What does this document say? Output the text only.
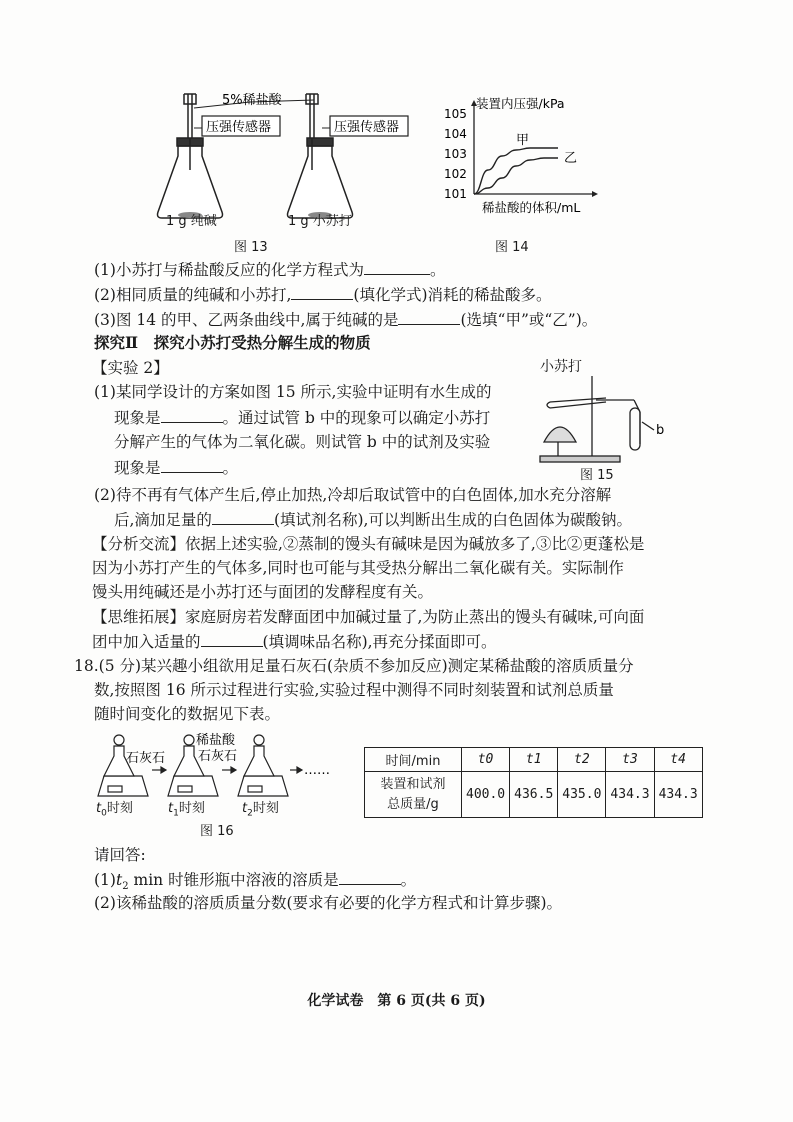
5%稀盐酸
压强传感器	压强传感器
1 g 纯碱	1 g 小苏打
图 13
装置内压强/kPa
稀盐酸的体积/mL
101
102
103
104
105
甲
乙
图 14
(1)小苏打与稀盐酸反应的化学方程式为	。
(2)相同质量的纯碱和小苏打,	(填化学式)消耗的稀盐酸多。
(3)图 14 的甲、乙两条曲线中,属于纯碱的是	(选填“甲”或“乙”)。
探究Ⅱ　探究小苏打受热分解生成的物质
【实验 2】
(1)某同学设计的方案如图 15 所示,实验中证明有水生成的
现象是	。通过试管 b 中的现象可以确定小苏打
分解产生的气体为二氧化碳。则试管 b 中的试剂及实验
现象是	。
小苏打
b
图 15
(2)待不再有气体产生后,停止加热,冷却后取试管中的白色固体,加水充分溶解
后,滴加足量的	(填试剂名称),可以判断出生成的白色固体为碳酸钠。
【分析交流】依据上述实验,②蒸制的馒头有碱味是因为碱放多了,③比②更蓬松是
因为小苏打产生的气体多,同时也可能与其受热分解出二氧化碳有关。实际制作
馒头用纯碱还是小苏打还与面团的发酵程度有关。
【思维拓展】家庭厨房若发酵面团中加碱过量了,为防止蒸出的馒头有碱味,可向面
团中加入适量的	(填调味品名称),再充分揉面即可。
18.(5 分)某兴趣小组欲用足量石灰石(杂质不参加反应)测定某稀盐酸的溶质质量分
数,按照图 16 所示过程进行实验,实验过程中测得不同时刻装置和试剂总质量
随时间变化的数据见下表。
石灰石
稀盐酸
石灰石
……
$t_0$时刻	$t_1$时刻	$t_2$时刻
图 16
时间/min	t0	t1	t2	t3	t4
装置和试剂
总质量/g	400.0	436.5	435.0	434.3	434.3
请回答:
$(1)t_2$ min 时锥形瓶中溶液的溶质是	。
(2)该稀盐酸的溶质质量分数(要求有必要的化学方程式和计算步骤)。
化学试卷　第 6 页(共 6 页)
